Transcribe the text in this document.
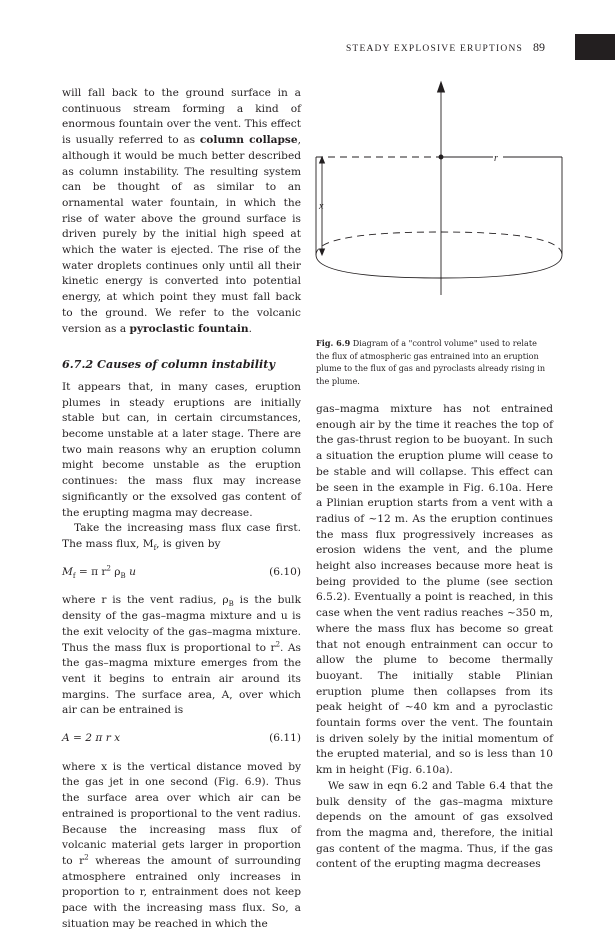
STEADY EXPLOSIVE ERUPTIONS 89

will fall back to the ground surface in a continuous stream forming a kind of enormous fountain over the vent. This effect is usually referred to as column collapse, although it would be much better described as column instability. The resulting system can be thought of as similar to an ornamental water fountain, in which the rise of water above the ground surface is driven purely by the initial high speed at which the water is ejected. The rise of the water droplets continues only until all their kinetic energy is converted into potential energy, at which point they must fall back to the ground. We refer to the volcanic version as a pyroclastic fountain.

6.7.2 Causes of column instability

It appears that, in many cases, eruption plumes in steady eruptions are initially stable but can, in certain circumstances, become unstable at a later stage. There are two main reasons why an eruption column might become unstable as the eruption continues: the mass flux may increase significantly or the exsolved gas content of the erupting magma may decrease.

Take the increasing mass flux case first. The mass flux, $M_f$, is given by

$M_f = \pi$ $r^2$ $\rho_B$ u	(6.10)

where r is the vent radius, $\rho_B$ is the bulk density of the gas–magma mixture and u is the exit velocity of the gas–magma mixture. Thus the mass flux is proportional to $r^2$. As the gas–magma mixture emerges from the vent it begins to entrain air around its margins. The surface area, A, over which air can be entrained is

A = 2 π r x	(6.11)

where x is the vertical distance moved by the gas jet in one second (Fig. 6.9). Thus the surface area over which air can be entrained is proportional to the vent radius. Because the increasing mass flux of volcanic material gets larger in proportion to $r^2$ whereas the amount of surrounding atmosphere entrained only increases in proportion to r, entrainment does not keep pace with the increasing mass flux. So, a situation may be reached in which the

r
x
Fig. 6.9 Diagram of a "control volume" used to relate the flux of atmospheric gas entrained into an eruption plume to the flux of gas and pyroclasts already rising in the plume.

gas–magma mixture has not entrained enough air by the time it reaches the top of the gas-thrust region to be buoyant. In such a situation the eruption plume will cease to be stable and will collapse. This effect can be seen in the example in Fig. 6.10a. Here a Plinian eruption starts from a vent with a radius of ~12 m. As the eruption continues the mass flux progressively increases as erosion widens the vent, and the plume height also increases because more heat is being provided to the plume (see section 6.5.2). Eventually a point is reached, in this case when the vent radius reaches ~350 m, where the mass flux has become so great that not enough entrainment can occur to allow the plume to become thermally buoyant. The initially stable Plinian eruption plume then collapses from its peak height of ~40 km and a pyroclastic fountain forms over the vent. The fountain is driven solely by the initial momentum of the erupted material, and so is less than 10 km in height (Fig. 6.10a).

We saw in eqn 6.2 and Table 6.4 that the bulk density of the gas–magma mixture depends on the amount of gas exsolved from the magma and, therefore, the initial gas content of the magma. Thus, if the gas content of the erupting magma decreases
